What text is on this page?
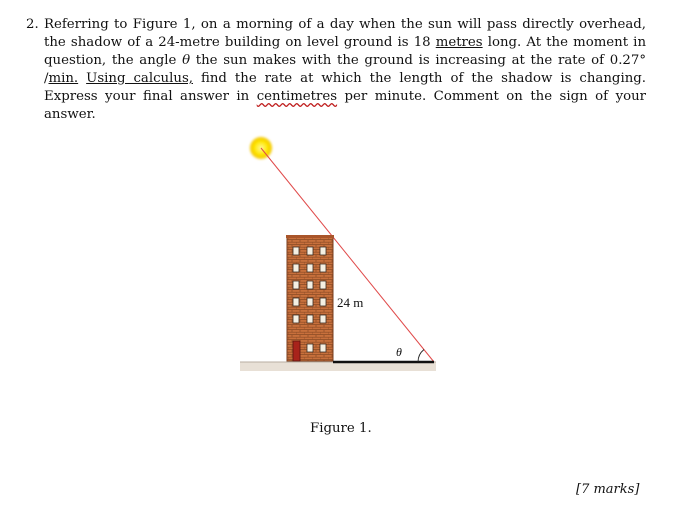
2. Referring to Figure 1, on a morning of a day when the sun will pass directly overhead, the shadow of a 24-metre building on level ground is 18 metres long. At the moment in question, the angle θ the sun makes with the ground is increasing at the rate of 0.27° /min. Using calculus, find the rate at which the length of the shadow is changing. Express your final answer in centimetres per minute. Comment on the sign of your answer.
24 m
θ
Figure 1.
[7 marks]
